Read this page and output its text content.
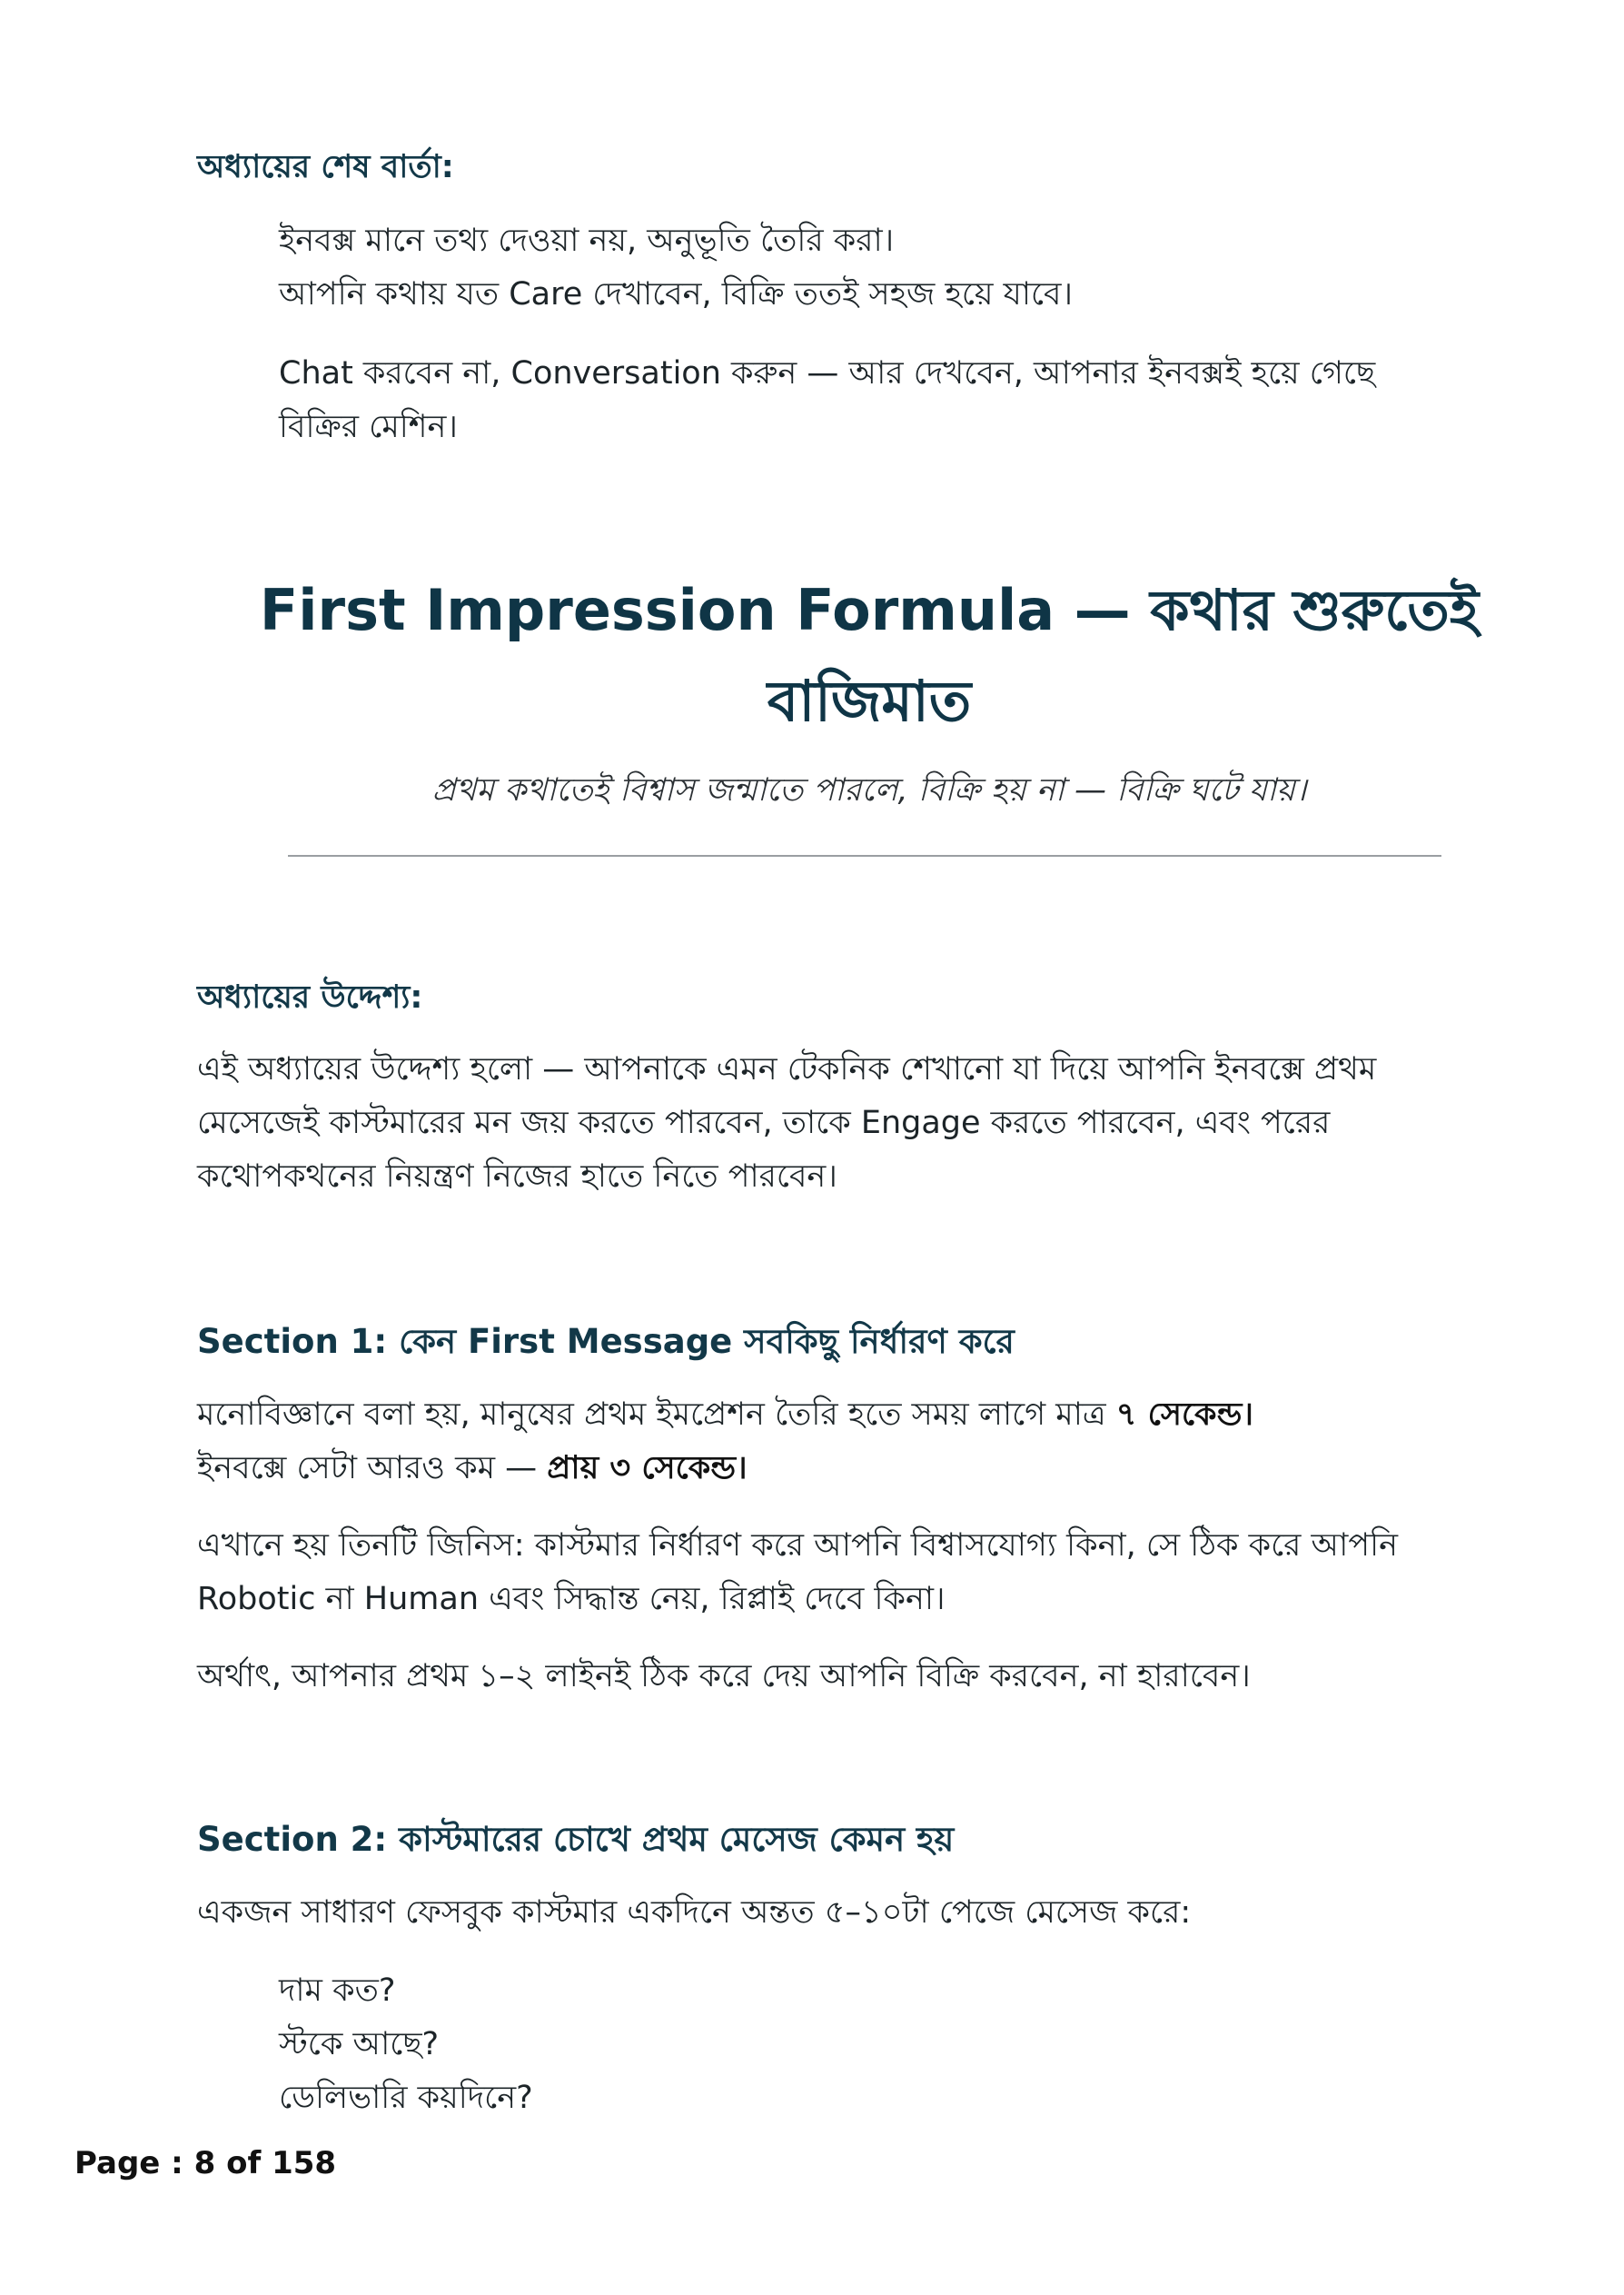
অধ্যায়ের শেষ বার্তা:

ইনবক্স মানে তথ্য দেওয়া নয়, অনুভূতি তৈরি করা।

আপনি কথায় যত Care দেখাবেন, বিক্রি ততই সহজ হয়ে যাবে।

Chat করবেন না, Conversation করুন — আর দেখবেন, আপনার ইনবক্সই হয়ে গেছে

বিক্রির মেশিন।

First Impression Formula — কথার শুরুতেই
বাজিমাত

প্রথম কথাতেই বিশ্বাস জন্মাতে পারলে, বিক্রি হয় না — বিক্রি ঘটে যায়।

অধ্যায়ের উদ্দেশ্য:

এই অধ্যায়ের উদ্দেশ্য হলো — আপনাকে এমন টেকনিক শেখানো যা দিয়ে আপনি ইনবক্সে প্রথম

মেসেজেই কাস্টমারের মন জয় করতে পারবেন, তাকে Engage করতে পারবেন, এবং পরের

কথোপকথনের নিয়ন্ত্রণ নিজের হাতে নিতে পারবেন।

Section 1: কেন First Message সবকিছু নির্ধারণ করে

মনোবিজ্ঞানে বলা হয়, মানুষের প্রথম ইমপ্রেশন তৈরি হতে সময় লাগে মাত্র ৭ সেকেন্ড।

ইনবক্সে সেটা আরও কম — প্রায় ৩ সেকেন্ড।

এখানে হয় তিনটি জিনিস: কাস্টমার নির্ধারণ করে আপনি বিশ্বাসযোগ্য কিনা, সে ঠিক করে আপনি

Robotic না Human এবং সিদ্ধান্ত নেয়, রিপ্লাই দেবে কিনা।

অর্থাৎ, আপনার প্রথম ১–২ লাইনই ঠিক করে দেয় আপনি বিক্রি করবেন, না হারাবেন।

Section 2: কাস্টমারের চোখে প্রথম মেসেজ কেমন হয়

একজন সাধারণ ফেসবুক কাস্টমার একদিনে অন্তত ৫–১০টা পেজে মেসেজ করে:

দাম কত?

স্টকে আছে?

ডেলিভারি কয়দিনে?

Page : 8 of 158
